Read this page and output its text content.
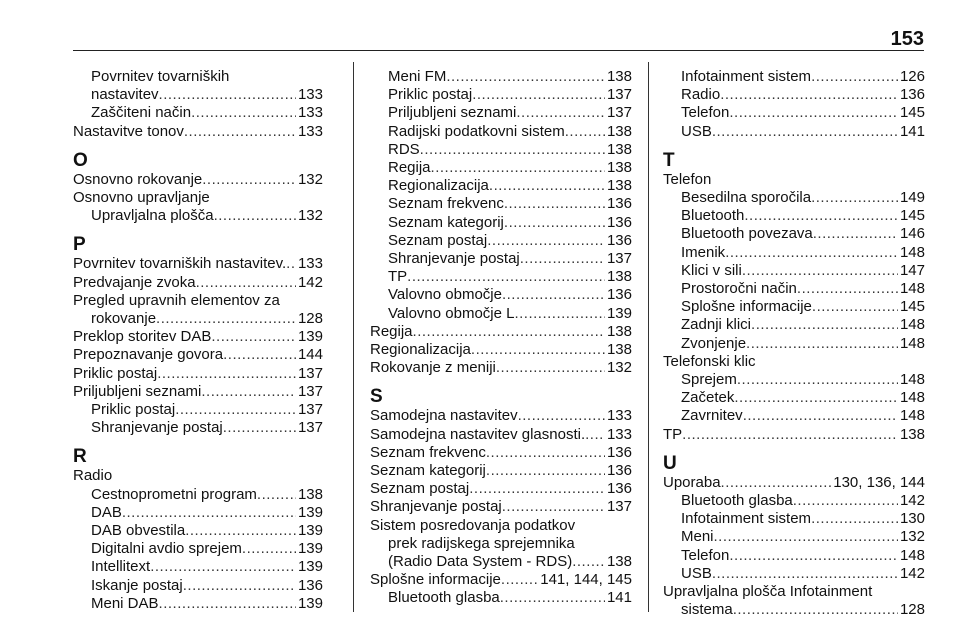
153
Povrnitev tovarniških
nastavitev .....	133
Zaščiteni način .....	133
Nastavitve tonov .....	133
O
Osnovno rokovanje .....	132
Osnovno upravljanje
Upravljalna plošča .....	132
P
Povrnitev tovarniških nastavitev. ..... 133
Predvajanje zvoka .....	142
Pregled upravnih elementov za
rokovanje .....	128
Preklop storitev DAB .....	139
Prepoznavanje govora .....	144
Priklic postaj .....	137
Priljubljeni seznami .....	137
Priklic postaj .....	137
Shranjevanje postaj .....	137
R
Radio
Cestnoprometni program .....	138
DAB .....	139
DAB obvestila .....	139
Digitalni avdio sprejem .....	139
Intellitext .....	139
Iskanje postaj .....	136
Meni DAB .....	139
Meni FM .....	138
Priklic postaj .....	137
Priljubljeni seznami .....	137
Radijski podatkovni sistem .....	138
RDS .....	138
Regija .....	138
Regionalizacija .....	138
Seznam frekvenc .....	136
Seznam kategorij .....	136
Seznam postaj .....	136
Shranjevanje postaj .....	137
TP .....	138
Valovno območje .....	136
Valovno območje L .....	139
Regija .....	138
Regionalizacija .....	138
Rokovanje z meniji .....	132
S
Samodejna nastavitev .....	133
Samodejna nastavitev glasnosti. ..... 133
Seznam frekvenc .....	136
Seznam kategorij .....	136
Seznam postaj .....	136
Shranjevanje postaj .....	137
Sistem posredovanja podatkov
prek radijskega sprejemnika
(Radio Data System - RDS) ..... 138
Splošne informacije .....	141, 144, 145
Bluetooth glasba .....	141
Infotainment sistem .....	126
Radio .....	136
Telefon .....	145
USB .....	141
T
Telefon
Besedilna sporočila .....	149
Bluetooth .....	145
Bluetooth povezava .....	146
Imenik .....	148
Klici v sili .....	147
Prostoročni način .....	148
Splošne informacije .....	145
Zadnji klici .....	148
Zvonjenje .....	148
Telefonski klic
Sprejem .....	148
Začetek .....	148
Zavrnitev .....	148
TP .....	138
U
Uporaba .....	130, 136, 144
Bluetooth glasba .....	142
Infotainment sistem .....	130
Meni .....	132
Telefon .....	148
USB .....	142
Upravljalna plošča Infotainment
sistema .....	128
